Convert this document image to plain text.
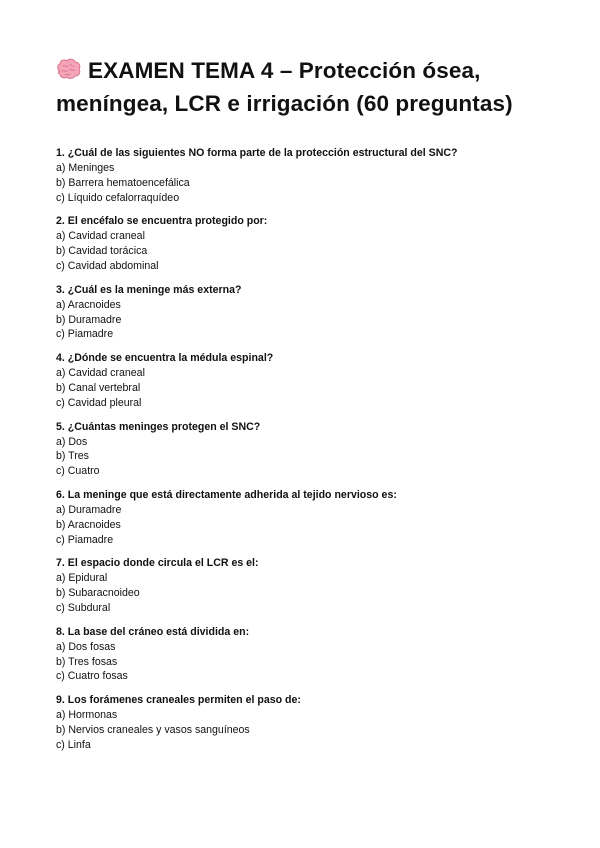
EXAMEN TEMA 4 – Protección ósea, meníngea, LCR e irrigación (60 preguntas)

1. ¿Cuál de las siguientes NO forma parte de la protección estructural del SNC?

a) Meninges

b) Barrera hematoencefálica

c) Líquido cefalorraquídeo

2. El encéfalo se encuentra protegido por:

a) Cavidad craneal

b) Cavidad torácica

c) Cavidad abdominal

3. ¿Cuál es la meninge más externa?

a) Aracnoides

b) Duramadre

c) Piamadre

4. ¿Dónde se encuentra la médula espinal?

a) Cavidad craneal

b) Canal vertebral

c) Cavidad pleural

5. ¿Cuántas meninges protegen el SNC?

a) Dos

b) Tres

c) Cuatro

6. La meninge que está directamente adherida al tejido nervioso es:

a) Duramadre

b) Aracnoides

c) Piamadre

7. El espacio donde circula el LCR es el:

a) Epidural

b) Subaracnoideo

c) Subdural

8. La base del cráneo está dividida en:

a) Dos fosas

b) Tres fosas

c) Cuatro fosas

9. Los forámenes craneales permiten el paso de:

a) Hormonas

b) Nervios craneales y vasos sanguíneos

c) Linfa
